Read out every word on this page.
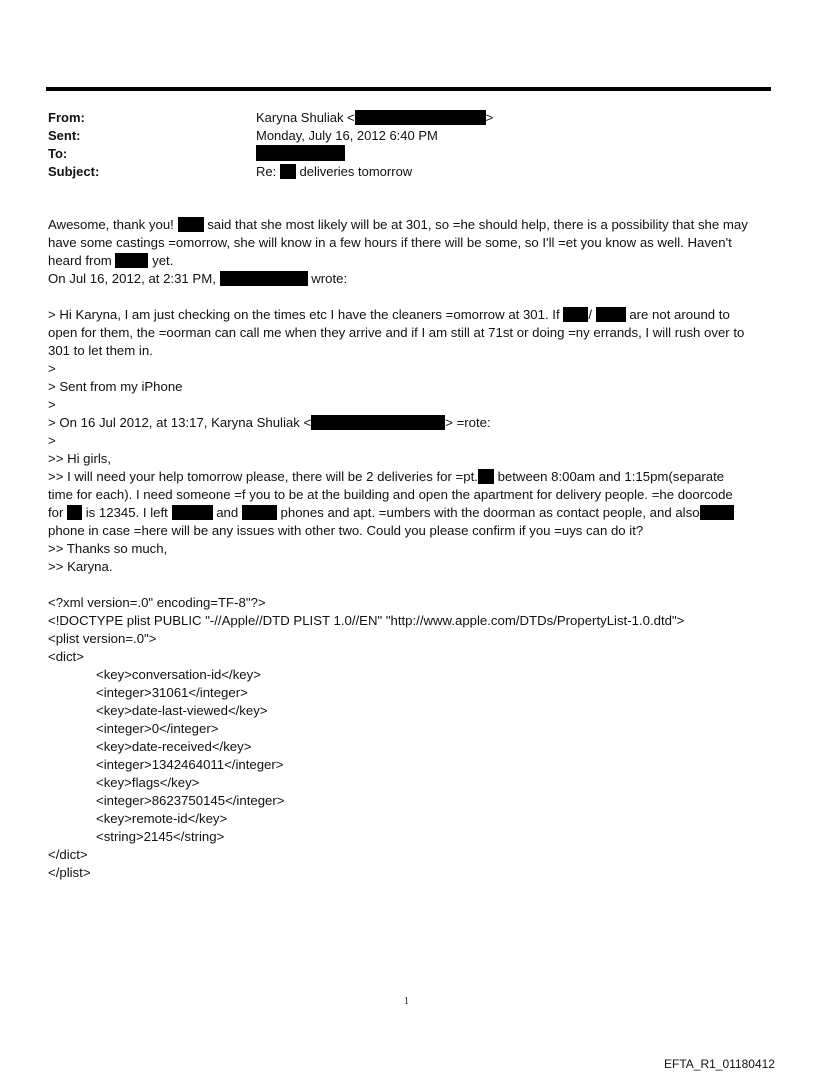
From:	Karyna Shuliak <	>
Sent:	Monday, July 16, 2012 6:40 PM
To:
Subject:	Re: deliveries tomorrow
Awesome, thank you!	said that she most likely will be at 301, so =he should help, there is a possibility that she may
have some castings =omorrow, she will know in a few hours if there will be some, so I'll =et you know as well. Haven't
heard from	yet.
On Jul 16, 2012, at 2:31 PM,	wrote:
> Hi Karyna, I am just checking on the times etc I have the cleaners =omorrow at 301. If /	are not around to
open for them, the =oorman can call me when they arrive and if I am still at 71st or doing =ny errands, I will rush over to
301 to let them in.
>
> Sent from my iPhone
>
> On 16 Jul 2012, at 13:17, Karyna Shuliak <	> =rote:
>
>> Hi girls,
>> I will need your help tomorrow please, there will be 2 deliveries for =pt. between 8:00am and 1:15pm(separate
time for each). I need someone =f you to be at the building and open the apartment for delivery people. =he doorcode
for is 12345. I left	and	phones and apt. =umbers with the doorman as contact people, and also
phone in case =here will be any issues with other two. Could you please confirm if you =uys can do it?
>> Thanks so much,
>> Karyna.
<?xml version=.0" encoding=TF-8"?>
<!DOCTYPE plist PUBLIC "-//Apple//DTD PLIST 1.0//EN" "http://www.apple.com/DTDs/PropertyList-1.0.dtd">
<plist version=.0">
<dict>
<key>conversation-id</key>
<integer>31061</integer>
<key>date-last-viewed</key>
<integer>0</integer>
<key>date-received</key>
<integer>1342464011</integer>
<key>flags</key>
<integer>8623750145</integer>
<key>remote-id</key>
<string>2145</string>
</dict>
</plist>
1
EFTA_R1_01180412
